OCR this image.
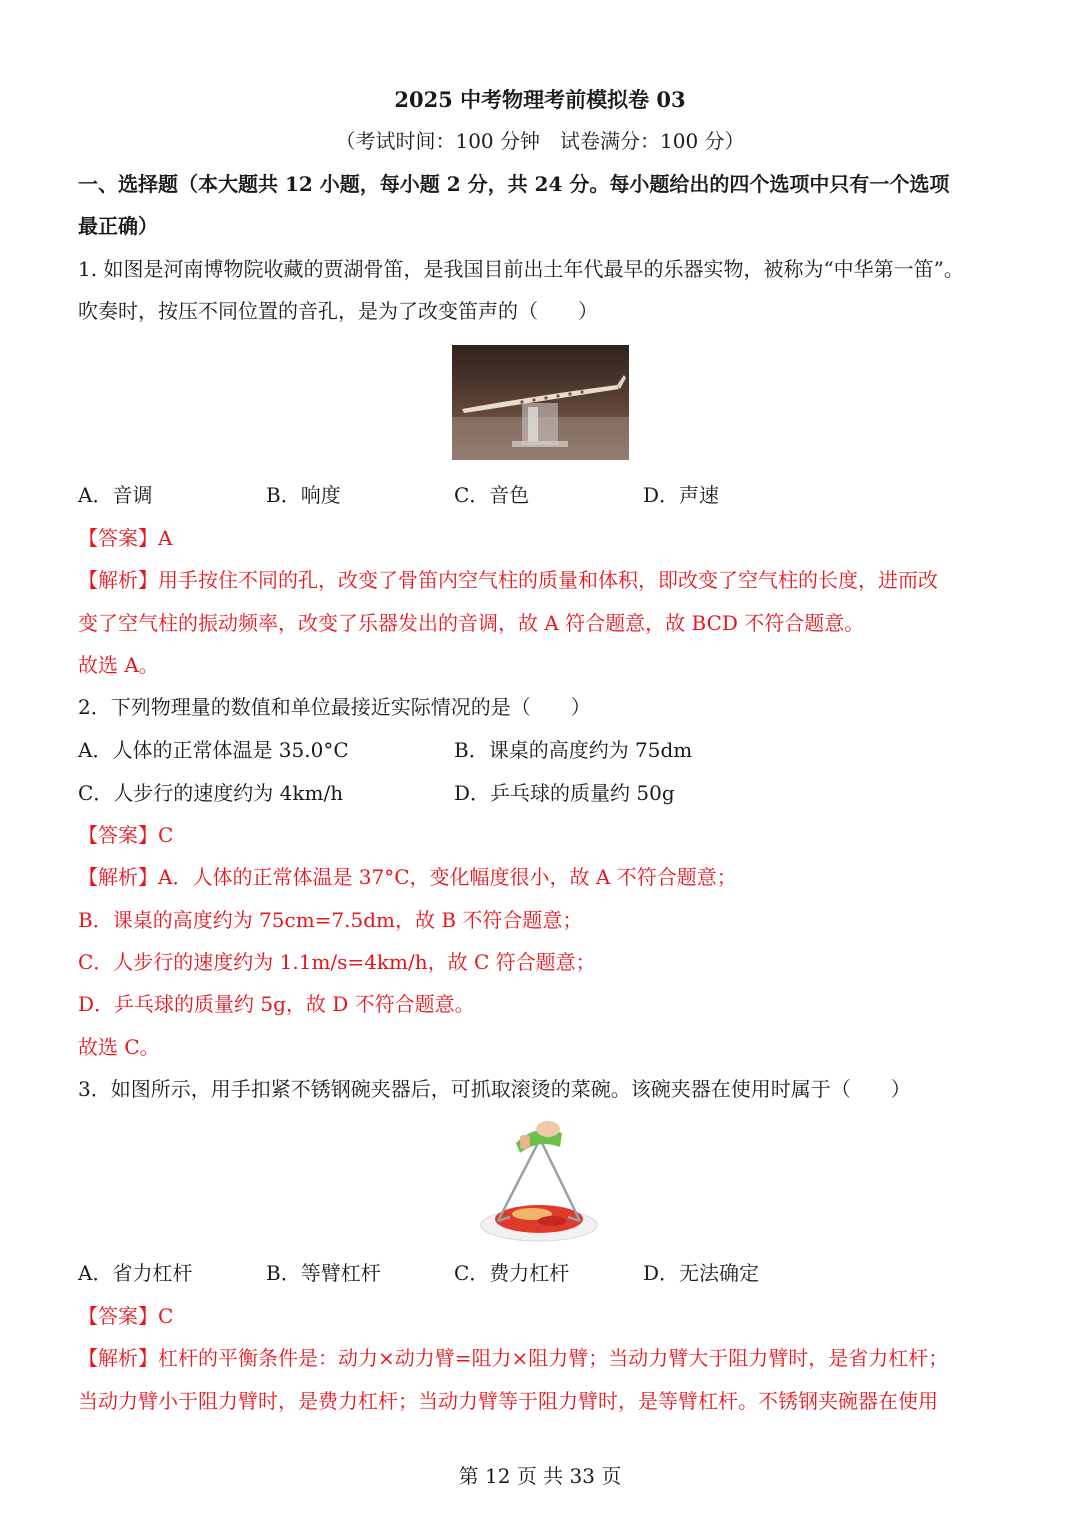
2025 中考物理考前模拟卷 03
（考试时间：100 分钟　试卷满分：100 分）
一、选择题（本大题共 12 小题，每小题 2 分，共 24 分。每小题给出的四个选项中只有一个选项
最正确）
1. 如图是河南博物院收藏的贾湖骨笛，是我国目前出土年代最早的乐器实物，被称为“中华第一笛”。
吹奏时，按压不同位置的音孔，是为了改变笛声的（　　）
A．音调	B．响度	C．音色	D．声速
【答案】A
【解析】用手按住不同的孔，改变了骨笛内空气柱的质量和体积，即改变了空气柱的长度，进而改
变了空气柱的振动频率，改变了乐器发出的音调，故 A 符合题意，故 BCD 不符合题意。
故选 A。
2．下列物理量的数值和单位最接近实际情况的是（　　）
A．人体的正常体温是 35.0°C	B．课桌的高度约为 75dm
C．人步行的速度约为 4km/h	D．乒乓球的质量约 50g
【答案】C
【解析】A．人体的正常体温是 37°C，变化幅度很小，故 A 不符合题意；
B．课桌的高度约为 75cm=7.5dm，故 B 不符合题意；
C．人步行的速度约为 1.1m/s=4km/h，故 C 符合题意；
D．乒乓球的质量约 5g，故 D 不符合题意。
故选 C。
3．如图所示，用手扣紧不锈钢碗夹器后，可抓取滚烫的菜碗。该碗夹器在使用时属于（　　）
A．省力杠杆	B．等臂杠杆	C．费力杠杆	D．无法确定
【答案】C
【解析】杠杆的平衡条件是：动力×动力臂=阻力×阻力臂；当动力臂大于阻力臂时，是省力杠杆；
当动力臂小于阻力臂时，是费力杠杆；当动力臂等于阻力臂时，是等臂杠杆。不锈钢夹碗器在使用
第 12 页 共 33 页
